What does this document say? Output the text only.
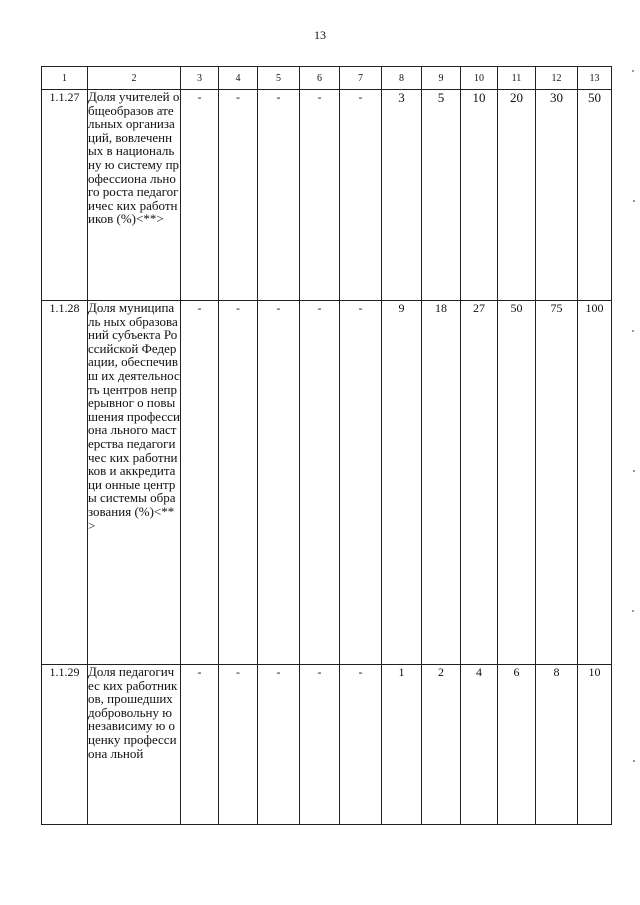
13
1	2	3	4	5	6	7	8	9	10	11	12	13
1.1.27	Доля учителей общеобразов ательных организаций, вовлеченных в национальну ю систему профессиона льного роста педагогичес ких работников (%)<**>	-	-	-	-	-	3	5	10	20	30	50
1.1.28	Доля муниципаль ных образований субъекта Российской Федерации, обеспечивш их деятельность центров непрерывног о повышения профессиона льного мастерства педагогичес ких работников и аккредитаци онные центры системы образования (%)<**>	-	-	-	-	-	9	18	27	50	75	100
1.1.29	Доля педагогичес ких работников, прошедших добровольну ю независиму ю оценку профессиона льной	-	-	-	-	-	1	2	4	6	8	10
